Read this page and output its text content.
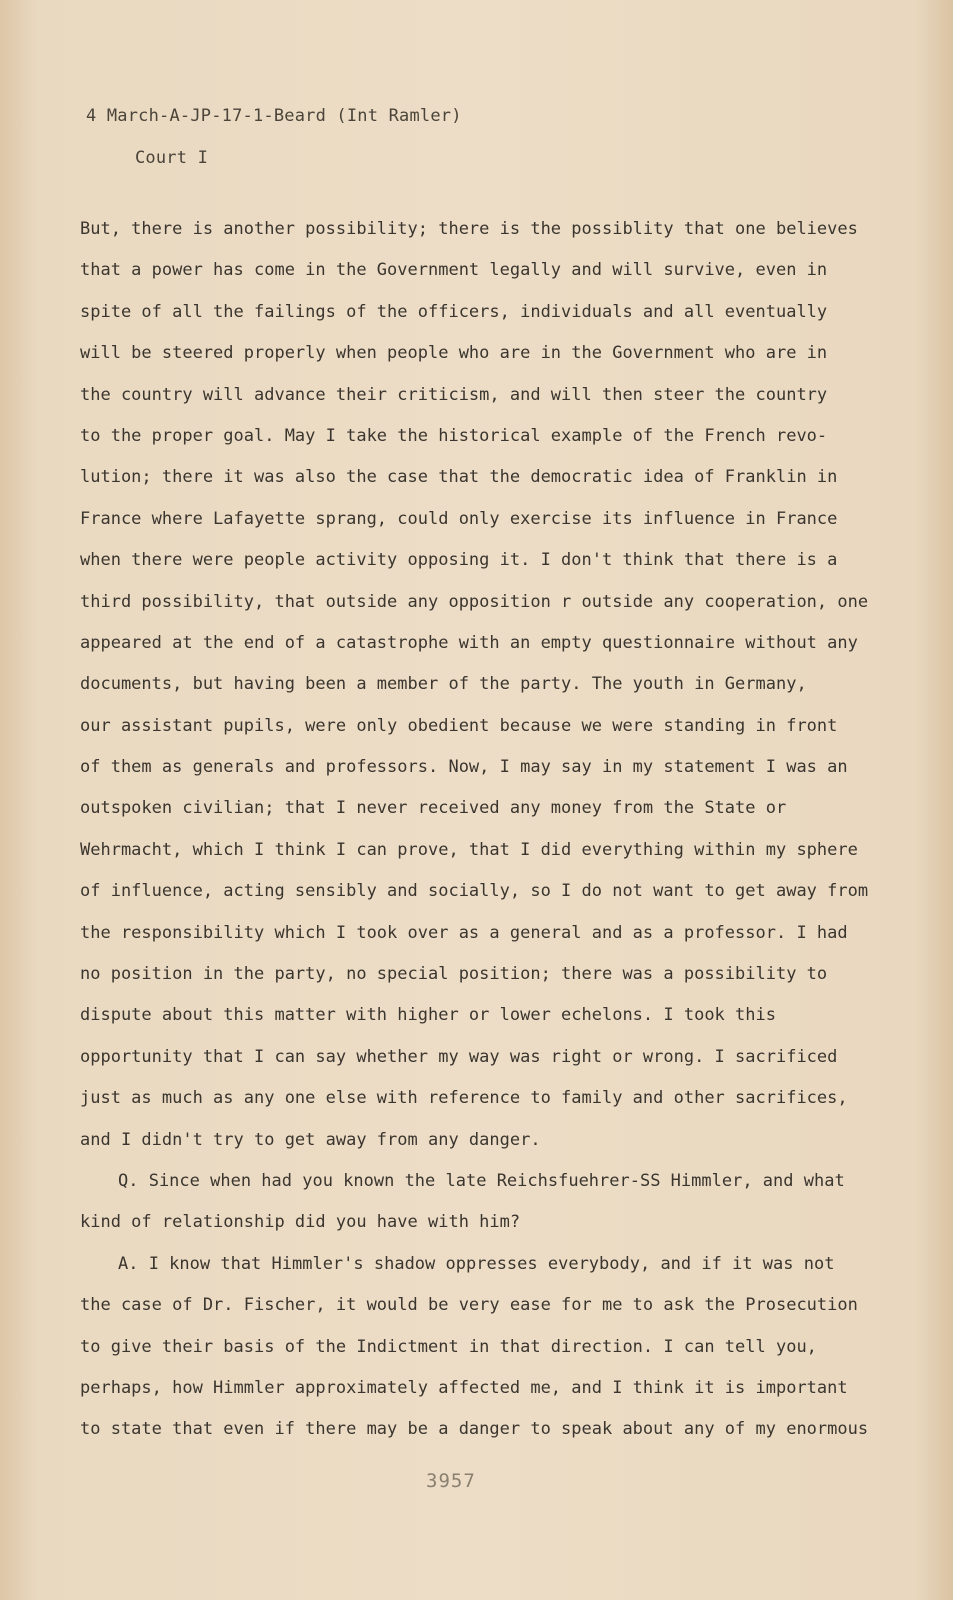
4 March-A-JP-17-1-Beard (Int Ramler)
Court I
But, there is another possibility; there is the possiblity that one believes
that a power has come in the Government legally and will survive, even in
spite of all the failings of the officers, individuals and all eventually
will be steered properly when people who are in the Government who are in
the country will advance their criticism, and will then steer the country
to the proper goal. May I take the historical example of the French revo-
lution; there it was also the case that the democratic idea of Franklin in
France where Lafayette sprang, could only exercise its influence in France
when there were people activity opposing it. I don't think that there is a
third possibility, that outside any opposition r outside any cooperation, one
appeared at the end of a catastrophe with an empty questionnaire without any
documents, but having been a member of the party. The youth in Germany,
our assistant pupils, were only obedient because we were standing in front
of them as generals and professors. Now, I may say in my statement I was an
outspoken civilian; that I never received any money from the State or
Wehrmacht, which I think I can prove, that I did everything within my sphere
of influence, acting sensibly and socially, so I do not want to get away from
the responsibility which I took over as a general and as a professor. I had
no position in the party, no special position; there was a possibility to
dispute about this matter with higher or lower echelons. I took this
opportunity that I can say whether my way was right or wrong. I sacrificed
just as much as any one else with reference to family and other sacrifices,
and I didn't try to get away from any danger.
Q. Since when had you known the late Reichsfuehrer-SS Himmler, and what
kind of relationship did you have with him?
A. I know that Himmler's shadow oppresses everybody, and if it was not
the case of Dr. Fischer, it would be very ease for me to ask the Prosecution
to give their basis of the Indictment in that direction. I can tell you,
perhaps, how Himmler approximately affected me, and I think it is important
to state that even if there may be a danger to speak about any of my enormous
3957
